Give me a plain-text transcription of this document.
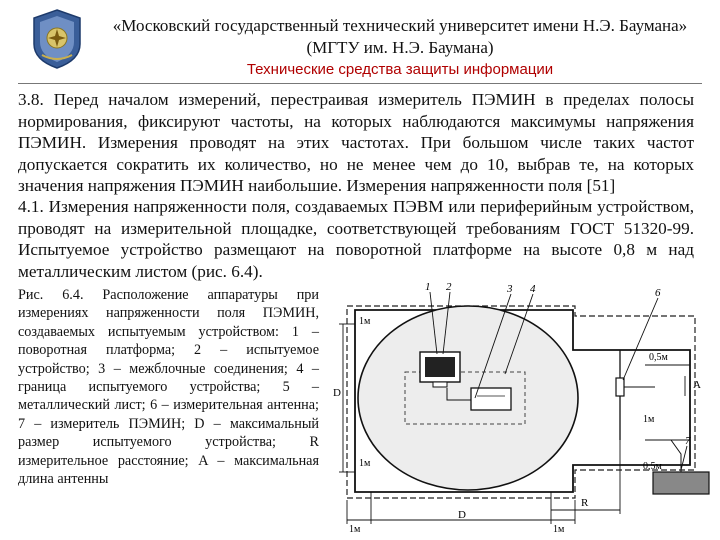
«Московский государственный технический университет имени Н.Э. Баумана»
(МГТУ им. Н.Э. Баумана)
Технические средства защиты информации
3.8. Перед началом измерений, перестраивая измеритель ПЭМИН в пределах полосы нормирования, фиксируют частоты, на которых наблюдаются максимумы напряжения ПЭМИН. Измерения проводят на этих частотах. При большом числе таких частот допускается сократить их количество, но не менее чем до 10, выбрав те, на которых значения напряжения ПЭМИН наибольшие. Измерения напряженности поля [51]
4.1. Измерения напряженности поля, создаваемых ПЭВМ или периферийным устройством, проводят на измерительной площадке, соответствующей требованиям ГОСТ 51320-99. Испытуемое устройство размещают на поворотной платформе на высоте 0,8 м над металлическим листом (рис. 6.4).
Рис. 6.4. Расположение аппаратуры при измерениях напряженности поля ПЭМИН, создаваемых испытуемым устройством: 1 – поворотная платформа; 2 – испытуемое устройство; 3 – межблочные соединения; 4 – граница испытуемого устройства; 5 – металлический лист; 6 – измерительная антенна; 7 – измеритель ПЭМИН; D – максимальный размер испытуемого устройства; R измерительное расстояние; A – максимальная длина антенны
1 2	3 4	6
7
1м
1м
1м
0,5м
0,5м
D
D
1м	1м
A
R
